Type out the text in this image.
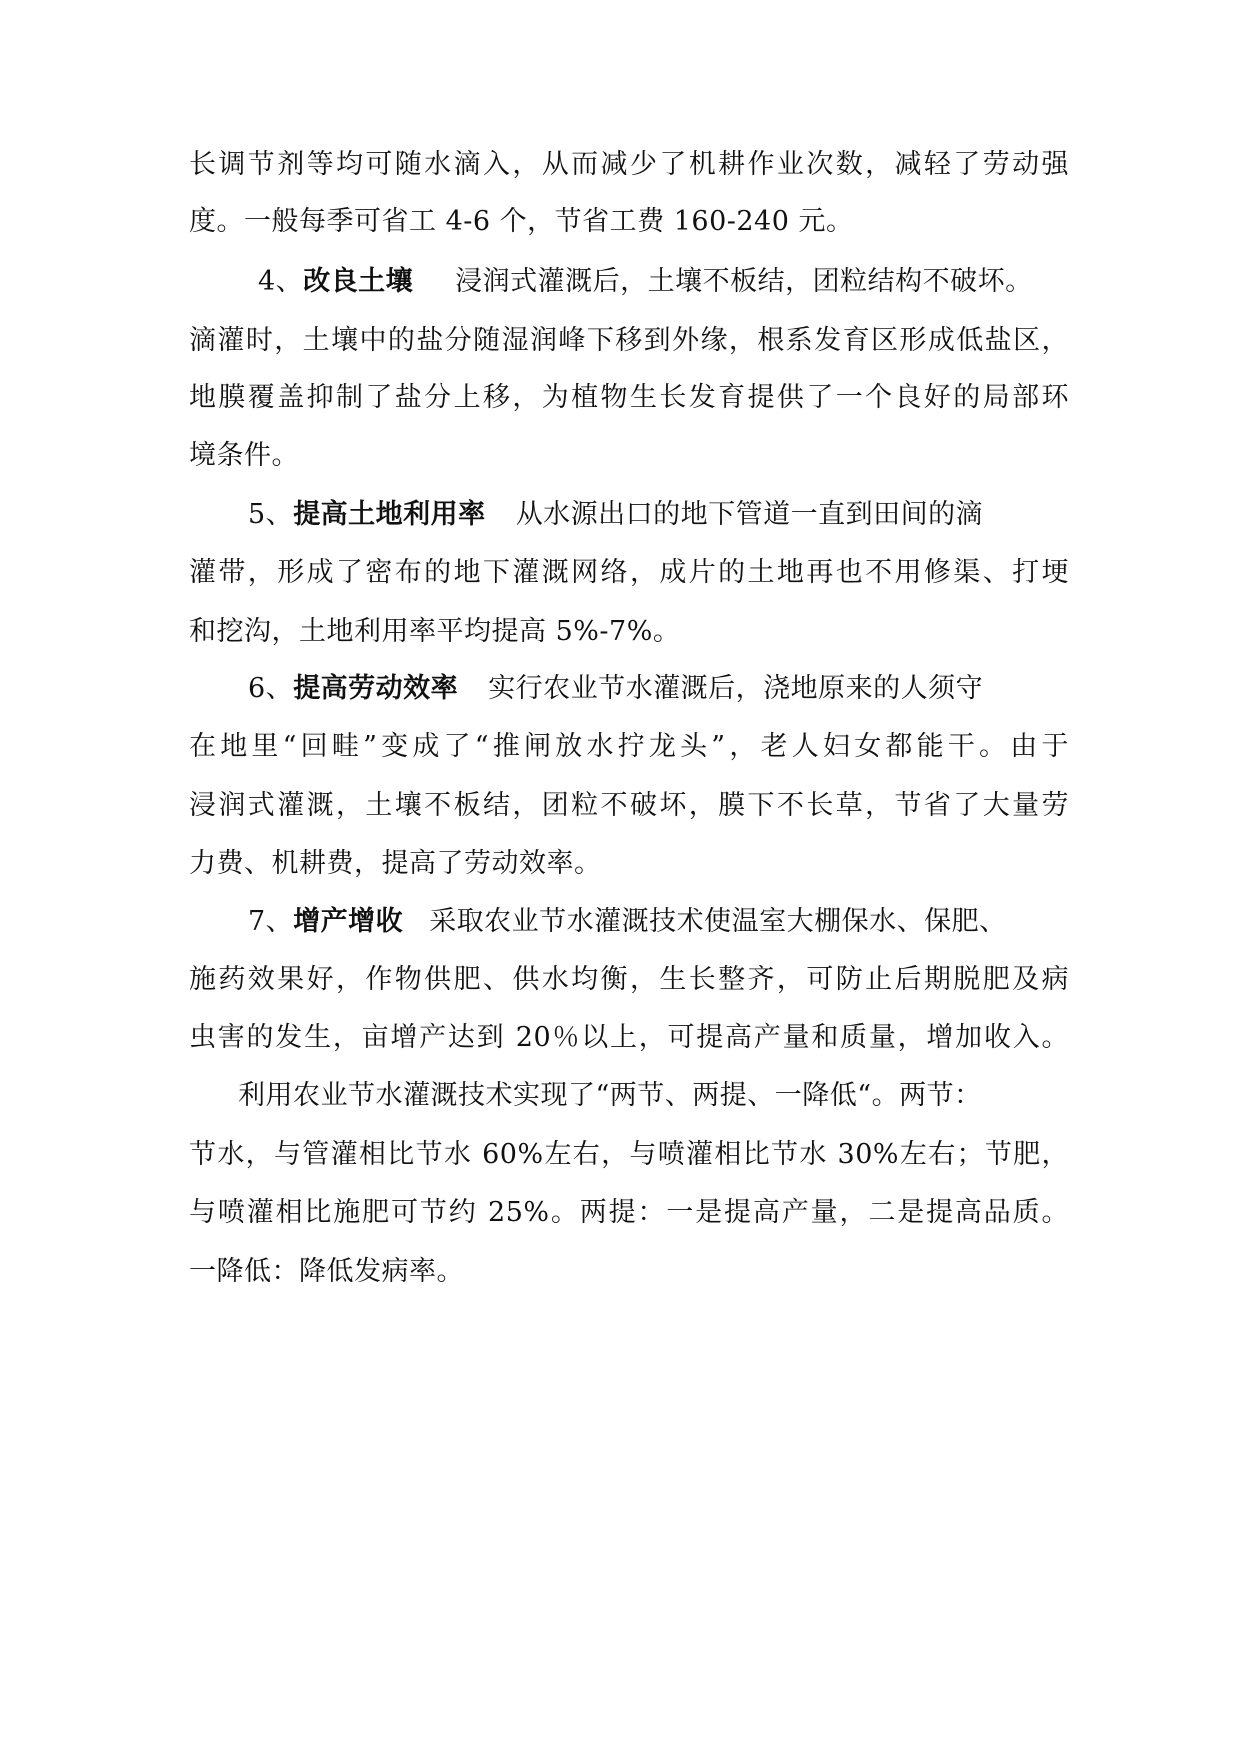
长调节剂等均可随水滴入，从而减少了机耕作业次数，减轻了劳动强
度。一般每季可省工 4-6 个，节省工费 160-240 元。
4、改良土壤 浸润式灌溉后，土壤不板结，团粒结构不破坏。
滴灌时，土壤中的盐分随湿润峰下移到外缘，根系发育区形成低盐区，
地膜覆盖抑制了盐分上移，为植物生长发育提供了一个良好的局部环
境条件。
5、提高土地利用率 从水源出口的地下管道一直到田间的滴
灌带，形成了密布的地下灌溉网络，成片的土地再也不用修渠、打埂
和挖沟，土地利用率平均提高 5%-7%。
6、提高劳动效率 实行农业节水灌溉后，浇地原来的人须守
在地里“回畦”变成了“推闸放水拧龙头”，老人妇女都能干。由于
浸润式灌溉，土壤不板结，团粒不破坏，膜下不长草，节省了大量劳
力费、机耕费，提高了劳动效率。
7、增产增收 采取农业节水灌溉技术使温室大棚保水、保肥、
施药效果好，作物供肥、供水均衡，生长整齐，可防止后期脱肥及病
虫害的发生，亩增产达到 20％以上，可提高产量和质量，增加收入。
利用农业节水灌溉技术实现了“两节、两提、一降低“。两节：
节水，与管灌相比节水 60%左右，与喷灌相比节水 30%左右；节肥，
与喷灌相比施肥可节约 25%。两提：一是提高产量，二是提高品质。
一降低：降低发病率。
